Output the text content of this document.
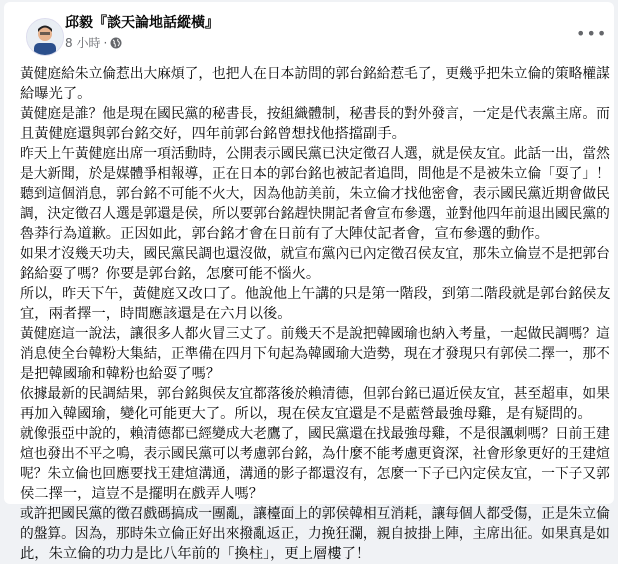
邱毅『談天論地話縱橫』
8 小時 ·	•••
黃健庭給朱立倫惹出大麻煩了，也把人在日本訪問的郭台銘給惹毛了，更幾乎把朱立倫的策略權謀
給曝光了。
黃健庭是誰？他是現在國民黨的秘書長，按組織體制，秘書長的對外發言，一定是代表黨主席。而
且黃健庭還與郭台銘交好，四年前郭台銘曾想找他搭擋副手。
昨天上午黃健庭出席一項活動時，公開表示國民黨已決定徵召人選，就是侯友宜。此話一出，當然
是大新聞，於是媒體爭相報導，正在日本的郭台銘也被記者追問，問他是不是被朱立倫「耍了」！
聽到這個消息，郭台銘不可能不火大，因為他訪美前，朱立倫才找他密會，表示國民黨近期會做民
調，決定徵召人選是郭還是侯，所以要郭台銘趕快開記者會宣布參選，並對他四年前退出國民黨的
魯莽行為道歉。正因如此，郭台銘才會在日前有了大陣仗記者會，宣布參選的動作。
如果才沒幾天功夫，國民黨民調也還沒做，就宣布黨內已內定徵召侯友宜，那朱立倫豈不是把郭台
銘給耍了嗎？你要是郭台銘，怎麼可能不惱火。
所以，昨天下午，黃健庭又改口了。他說他上午講的只是第一階段，到第二階段就是郭台銘侯友
宜，兩者擇一，時間應該還是在六月以後。
黃健庭這一說法，讓很多人都火冒三丈了。前幾天不是說把韓國瑜也納入考量，一起做民調嗎？這
消息使全台韓粉大集結，正準備在四月下旬起為韓國瑜大造勢，現在才發現只有郭侯二擇一，那不
是把韓國瑜和韓粉也給耍了嗎？
依據最新的民調結果，郭台銘與侯友宜都落後於賴清德，但郭台銘已逼近侯友宜，甚至超車，如果
再加入韓國瑜，變化可能更大了。所以，現在侯友宜還是不是藍營最強母雞，是有疑問的。
就像張亞中說的，賴清德都已經變成大老鷹了，國民黨還在找最強母雞，不是很諷刺嗎？日前王建
煊也發出不平之鳴，表示國民黨可以考慮郭台銘，為什麼不能考慮更資深，社會形象更好的王建煊
呢？朱立倫也回應要找王建煊溝通，溝通的影子都還沒有，怎麼一下子已內定侯友宜，一下子又郭
侯二擇一，這豈不是擺明在戲弄人嗎？
或許把國民黨的徵召戲碼搞成一團亂，讓檯面上的郭侯韓相互消耗，讓每個人都受傷，正是朱立倫
的盤算。因為，那時朱立倫正好出來撥亂返正，力挽狂瀾，親自披掛上陣，主席出征。如果真是如
此，朱立倫的功力是比八年前的「換柱」，更上層樓了！
